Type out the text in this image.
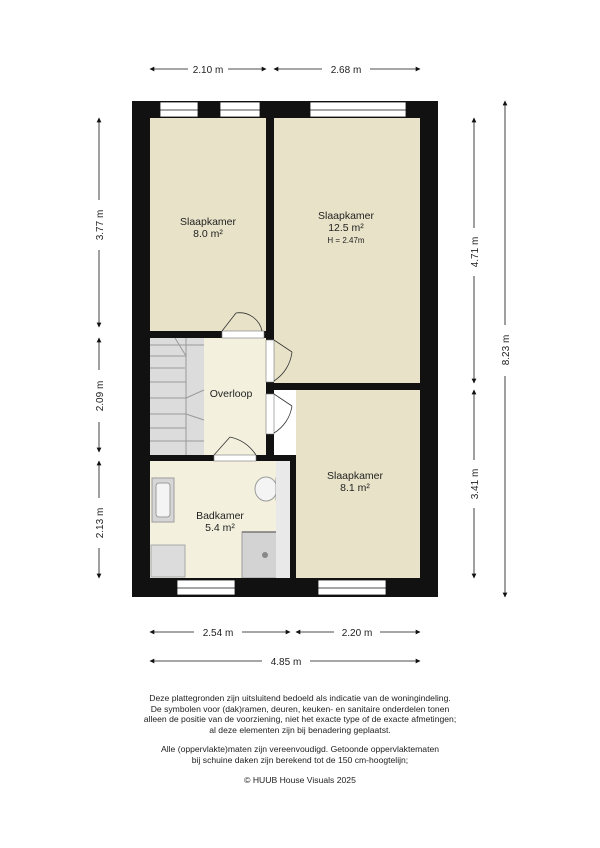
Slaapkamer
8.0 m²
Slaapkamer
12.5 m²
H = 2.47m
Overloop
Slaapkamer
8.1 m²
Badkamer
5.4 m²
2.10 m	2.68 m
2.54 m	2.20 m
4.85 m
3.77 m
2.09 m
2.13 m
4.71 m
3.41 m
8.23 m

Deze plattegronden zijn uitsluitend bedoeld als indicatie van de woningindeling.

De symbolen voor (dak)ramen, deuren, keuken- en sanitaire onderdelen tonen

alleen de positie van de voorziening, niet het exacte type of de exacte afmetingen;

al deze elementen zijn bij benadering geplaatst.

Alle (oppervlakte)maten zijn vereenvoudigd. Getoonde oppervlaktematen

bij schuine daken zijn berekend tot de 150 cm-hoogtelijn;

© HUUB House Visuals 2025
